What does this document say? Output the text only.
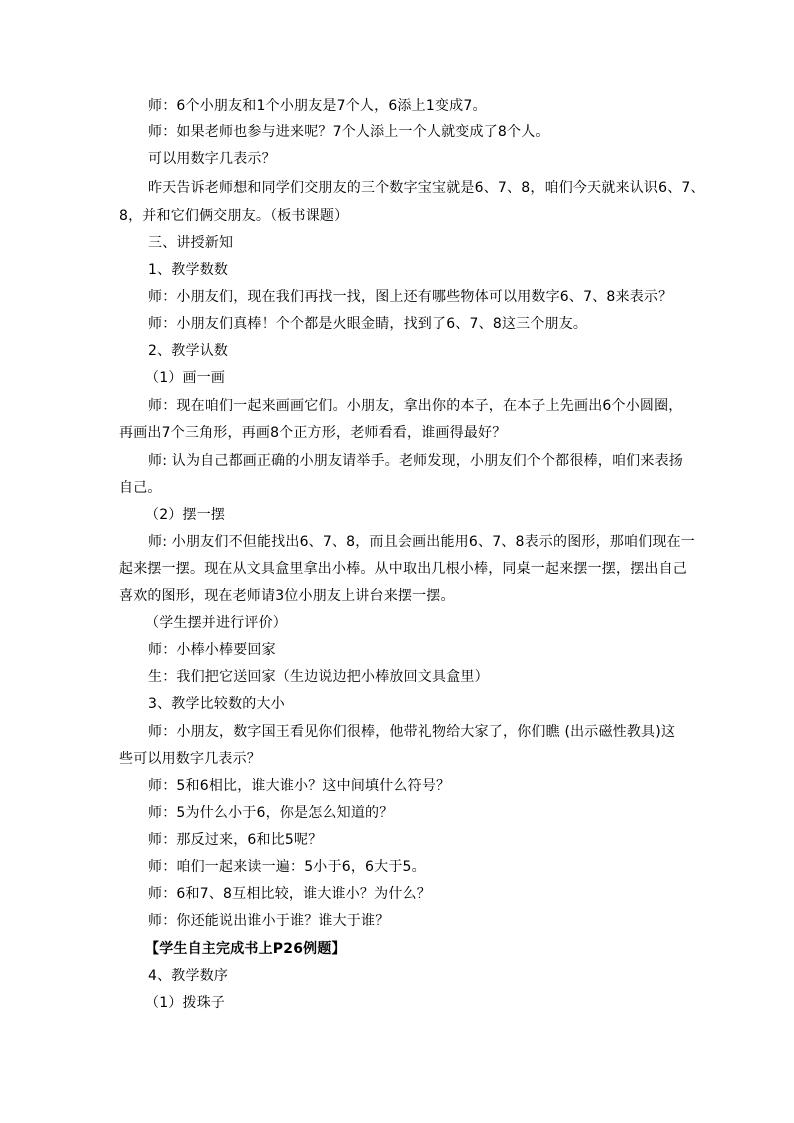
师：6个小朋友和1个小朋友是7个人，6添上1变成7。
师：如果老师也参与进来呢？7个人添上一个人就变成了8个人。
可以用数字几表示？
昨天告诉老师想和同学们交朋友的三个数字宝宝就是6、7、8，咱们今天就来认识6、7、
8，并和它们俩交朋友。（板书课题）
三、讲授新知
1、教学数数
师：小朋友们，现在我们再找一找，图上还有哪些物体可以用数字6、7、8来表示？
师：小朋友们真棒！个个都是火眼金睛，找到了6、7、8这三个朋友。
2、教学认数
（1）画一画
师：现在咱们一起来画画它们。小朋友，拿出你的本子，在本子上先画出6个小圆圈，
再画出7个三角形，再画8个正方形，老师看看，谁画得最好？
师: 认为自己都画正确的小朋友请举手。老师发现，小朋友们个个都很棒，咱们来表扬
自己。
（2）摆一摆
师: 小朋友们不但能找出6、7、8，而且会画出能用6、7、8表示的图形，那咱们现在一
起来摆一摆。现在从文具盒里拿出小棒。从中取出几根小棒，同桌一起来摆一摆，摆出自己
喜欢的图形，现在老师请3位小朋友上讲台来摆一摆。
（学生摆并进行评价）
师：小棒小棒要回家
生：我们把它送回家（生边说边把小棒放回文具盒里）
3、教学比较数的大小
师：小朋友，数字国王看见你们很棒，他带礼物给大家了，你们瞧 (出示磁性教具)这
些可以用数字几表示？
师：5和6相比，谁大谁小？这中间填什么符号？
师：5为什么小于6，你是怎么知道的？
师：那反过来，6和比5呢？
师：咱们一起来读一遍：5小于6，6大于5。
师：6和7、8互相比较，谁大谁小？为什么？
师：你还能说出谁小于谁？谁大于谁？
【学生自主完成书上P26例题】
4、教学数序
（1）拨珠子
